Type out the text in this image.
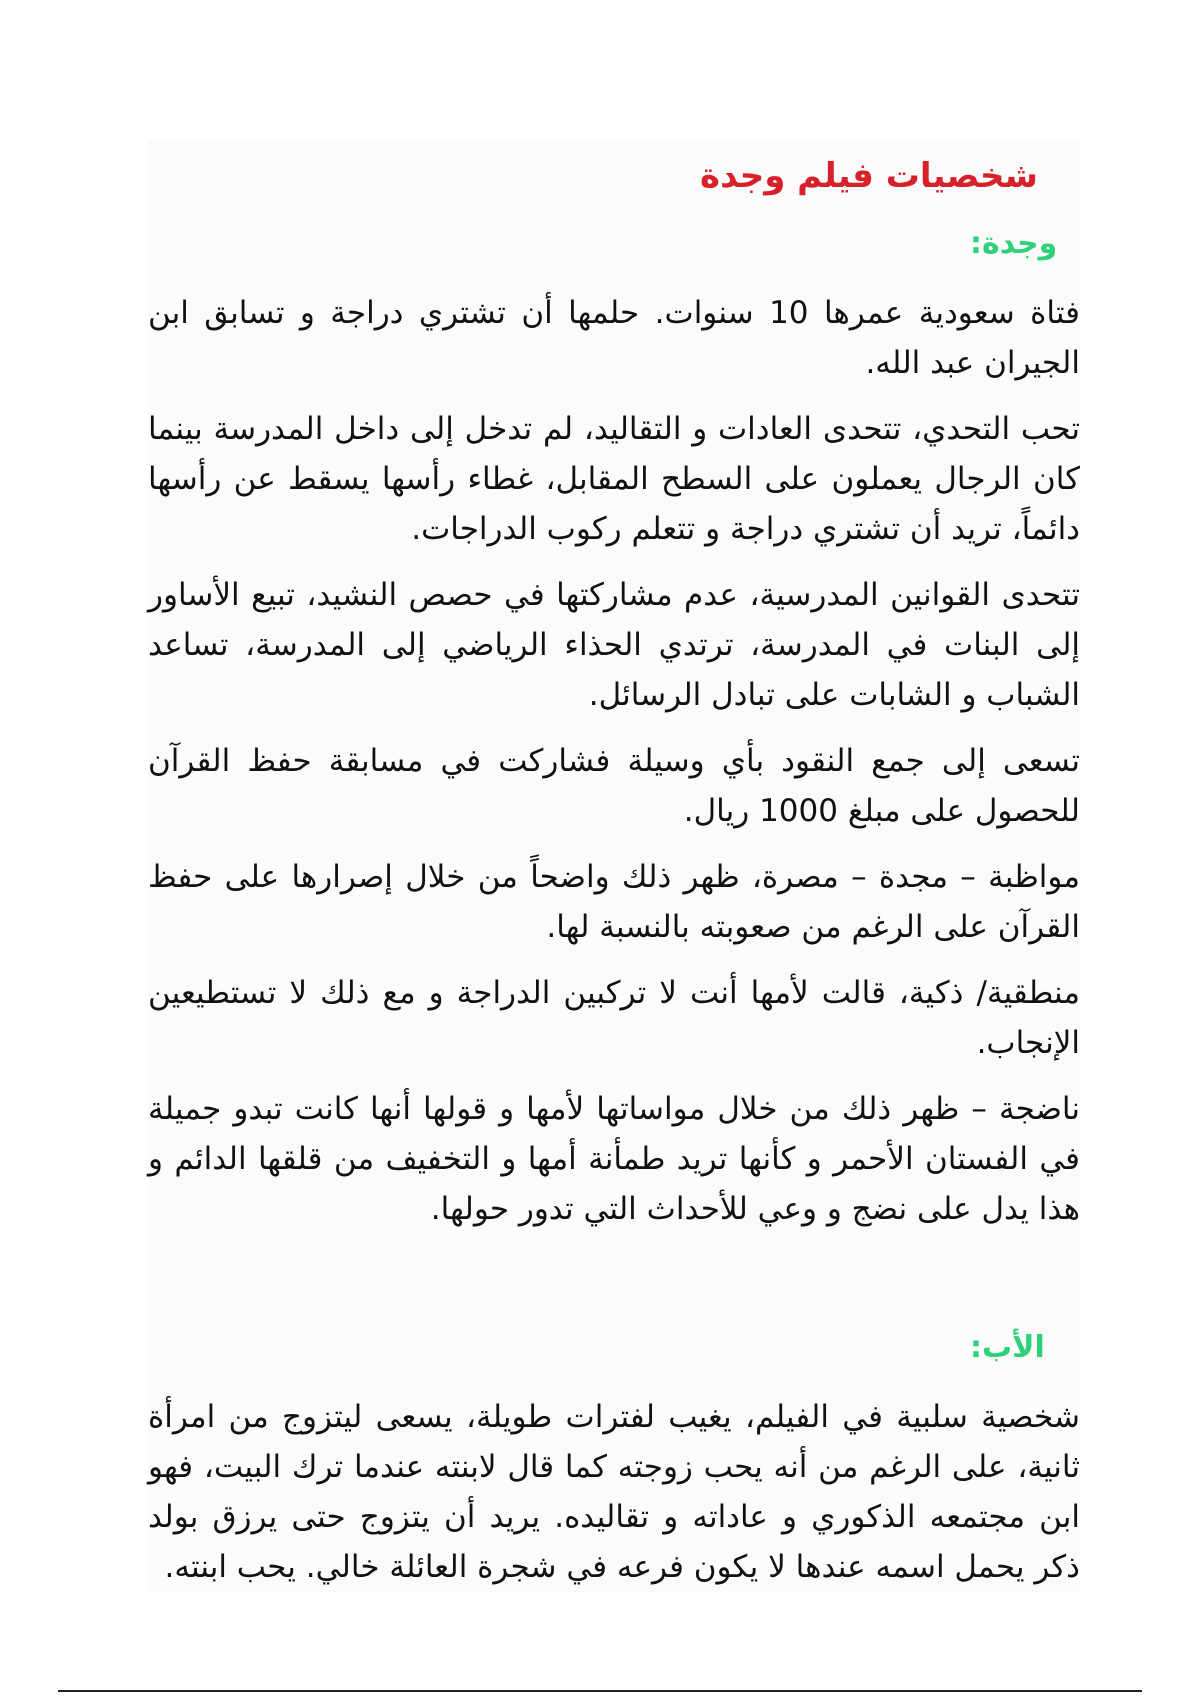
شخصيات فيلم وجدة
وجدة:

فتاة سعودية عمرها 10 سنوات. حلمها أن تشتري دراجة و تسابق ابن الجيران عبد الله.

تحب التحدي، تتحدى العادات و التقاليد، لم تدخل إلى داخل المدرسة بينما كان الرجال يعملون على السطح المقابل، غطاء رأسها يسقط عن رأسها دائماً، تريد أن تشتري دراجة و تتعلم ركوب الدراجات.

تتحدى القوانين المدرسية، عدم مشاركتها في حصص النشيد، تبيع الأساور إلى البنات في المدرسة، ترتدي الحذاء الرياضي إلى المدرسة، تساعد الشباب و الشابات على تبادل الرسائل.

تسعى إلى جمع النقود بأي وسيلة فشاركت في مسابقة حفظ القرآن للحصول على مبلغ 1000 ريال.

مواظبة – مجدة – مصرة، ظهر ذلك واضحاً من خلال إصرارها على حفظ القرآن على الرغم من صعوبته بالنسبة لها.

منطقية/ ذكية، قالت لأمها أنت لا تركبين الدراجة و مع ذلك لا تستطيعين الإنجاب.

ناضجة – ظهر ذلك من خلال مواساتها لأمها و قولها أنها كانت تبدو جميلة في الفستان الأحمر و كأنها تريد طمأنة أمها و التخفيف من قلقها الدائم و هذا يدل على نضج و وعي للأحداث التي تدور حولها.

الأب:

شخصية سلبية في الفيلم، يغيب لفترات طويلة، يسعى ليتزوج من امرأة ثانية، على الرغم من أنه يحب زوجته كما قال لابنته عندما ترك البيت، فهو ابن مجتمعه الذكوري و عاداته و تقاليده. يريد أن يتزوج حتى يرزق بولد ذكر يحمل اسمه عندها لا يكون فرعه في شجرة العائلة خالي. يحب ابنته.
